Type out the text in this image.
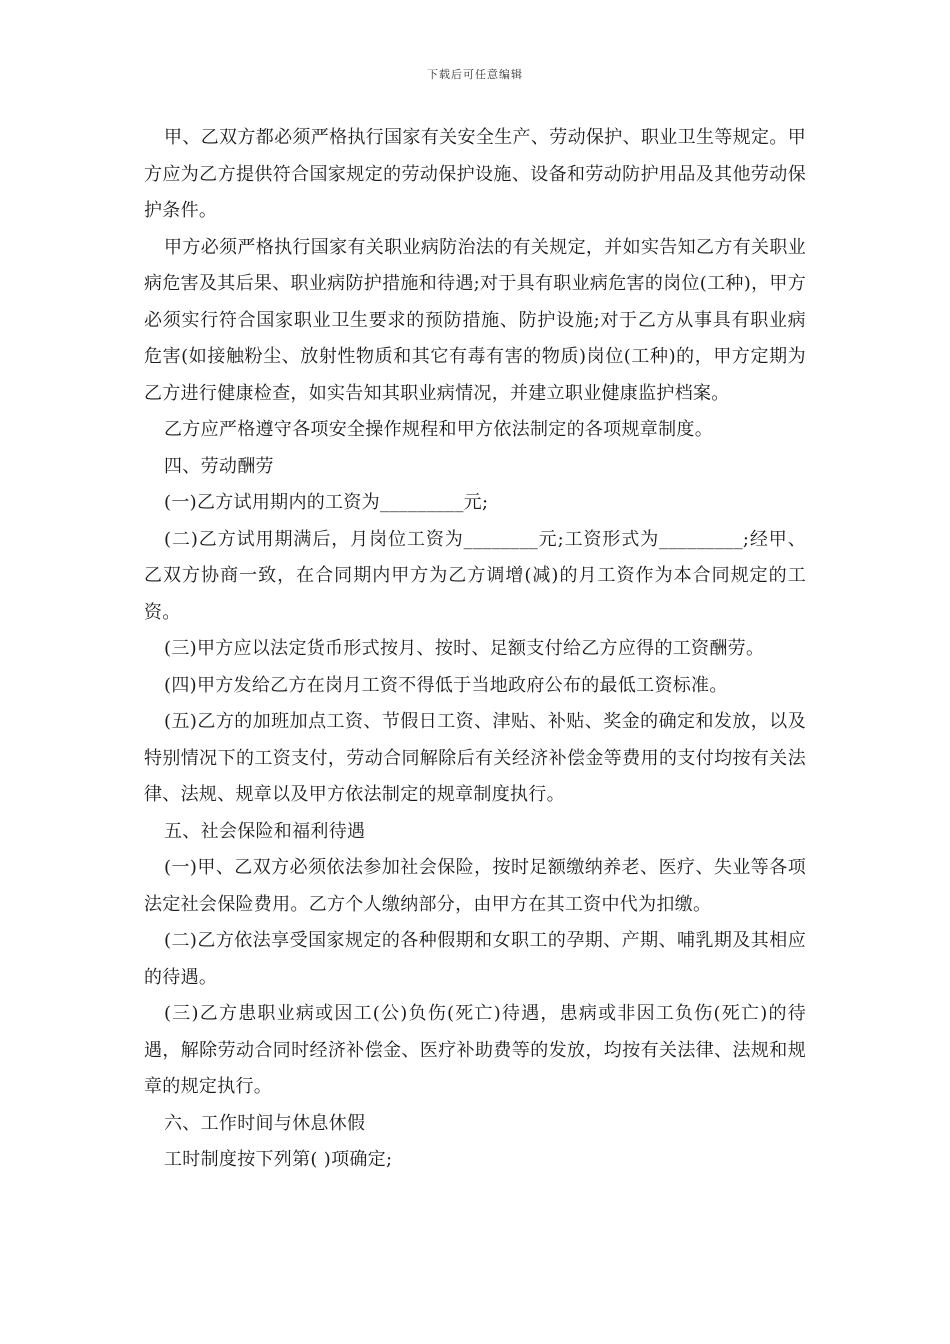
下载后可任意编辑

甲、乙双方都必须严格执行国家有关安全生产、劳动保护、职业卫生等规定。甲方应为乙方提供符合国家规定的劳动保护设施、设备和劳动防护用品及其他劳动保护条件。

甲方必须严格执行国家有关职业病防治法的有关规定，并如实告知乙方有关职业病危害及其后果、职业病防护措施和待遇;对于具有职业病危害的岗位(工种)，甲方必须实行符合国家职业卫生要求的预防措施、防护设施;对于乙方从事具有职业病危害(如接触粉尘、放射性物质和其它有毒有害的物质)岗位(工种)的，甲方定期为乙方进行健康检查，如实告知其职业病情况，并建立职业健康监护档案。

乙方应严格遵守各项安全操作规程和甲方依法制定的各项规章制度。

四、劳动酬劳

(一)乙方试用期内的工资为_________元;

(二)乙方试用期满后，月岗位工资为________元;工资形式为_________;经甲、乙双方协商一致，在合同期内甲方为乙方调增(减)的月工资作为本合同规定的工资。

(三)甲方应以法定货币形式按月、按时、足额支付给乙方应得的工资酬劳。

(四)甲方发给乙方在岗月工资不得低于当地政府公布的最低工资标准。

(五)乙方的加班加点工资、节假日工资、津贴、补贴、奖金的确定和发放，以及特别情况下的工资支付，劳动合同解除后有关经济补偿金等费用的支付均按有关法律、法规、规章以及甲方依法制定的规章制度执行。

五、社会保险和福利待遇

(一)甲、乙双方必须依法参加社会保险，按时足额缴纳养老、医疗、失业等各项法定社会保险费用。乙方个人缴纳部分，由甲方在其工资中代为扣缴。

(二)乙方依法享受国家规定的各种假期和女职工的孕期、产期、哺乳期及其相应的待遇。

(三)乙方患职业病或因工(公)负伤(死亡)待遇，患病或非因工负伤(死亡)的待遇，解除劳动合同时经济补偿金、医疗补助费等的发放，均按有关法律、法规和规章的规定执行。

六、工作时间与休息休假

工时制度按下列第( )项确定;
